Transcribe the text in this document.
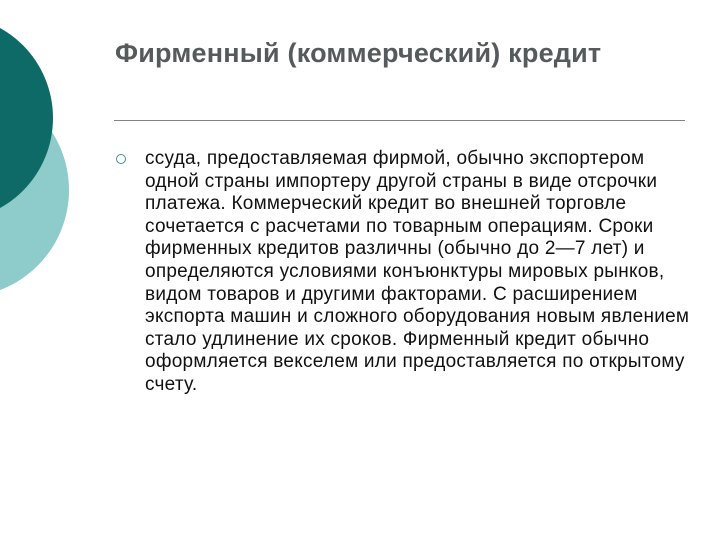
Фирменный (коммерческий) кредит
ссуда, предоставляемая фирмой, обычно экспортером одной страны импортеру другой страны в виде отсрочки платежа. Коммерческий кредит во внешней торговле сочетается с расчетами по товарным операциям. Сроки фирменных кредитов различны (обычно до 2—7 лет) и определяются условиями конъюнктуры мировых рынков, видом товаров и другими факторами. С расширением экспорта машин и сложного оборудования новым явлением стало удлинение их сроков. Фирменный кредит обычно оформляется векселем или предоставляется по открытому счету.
